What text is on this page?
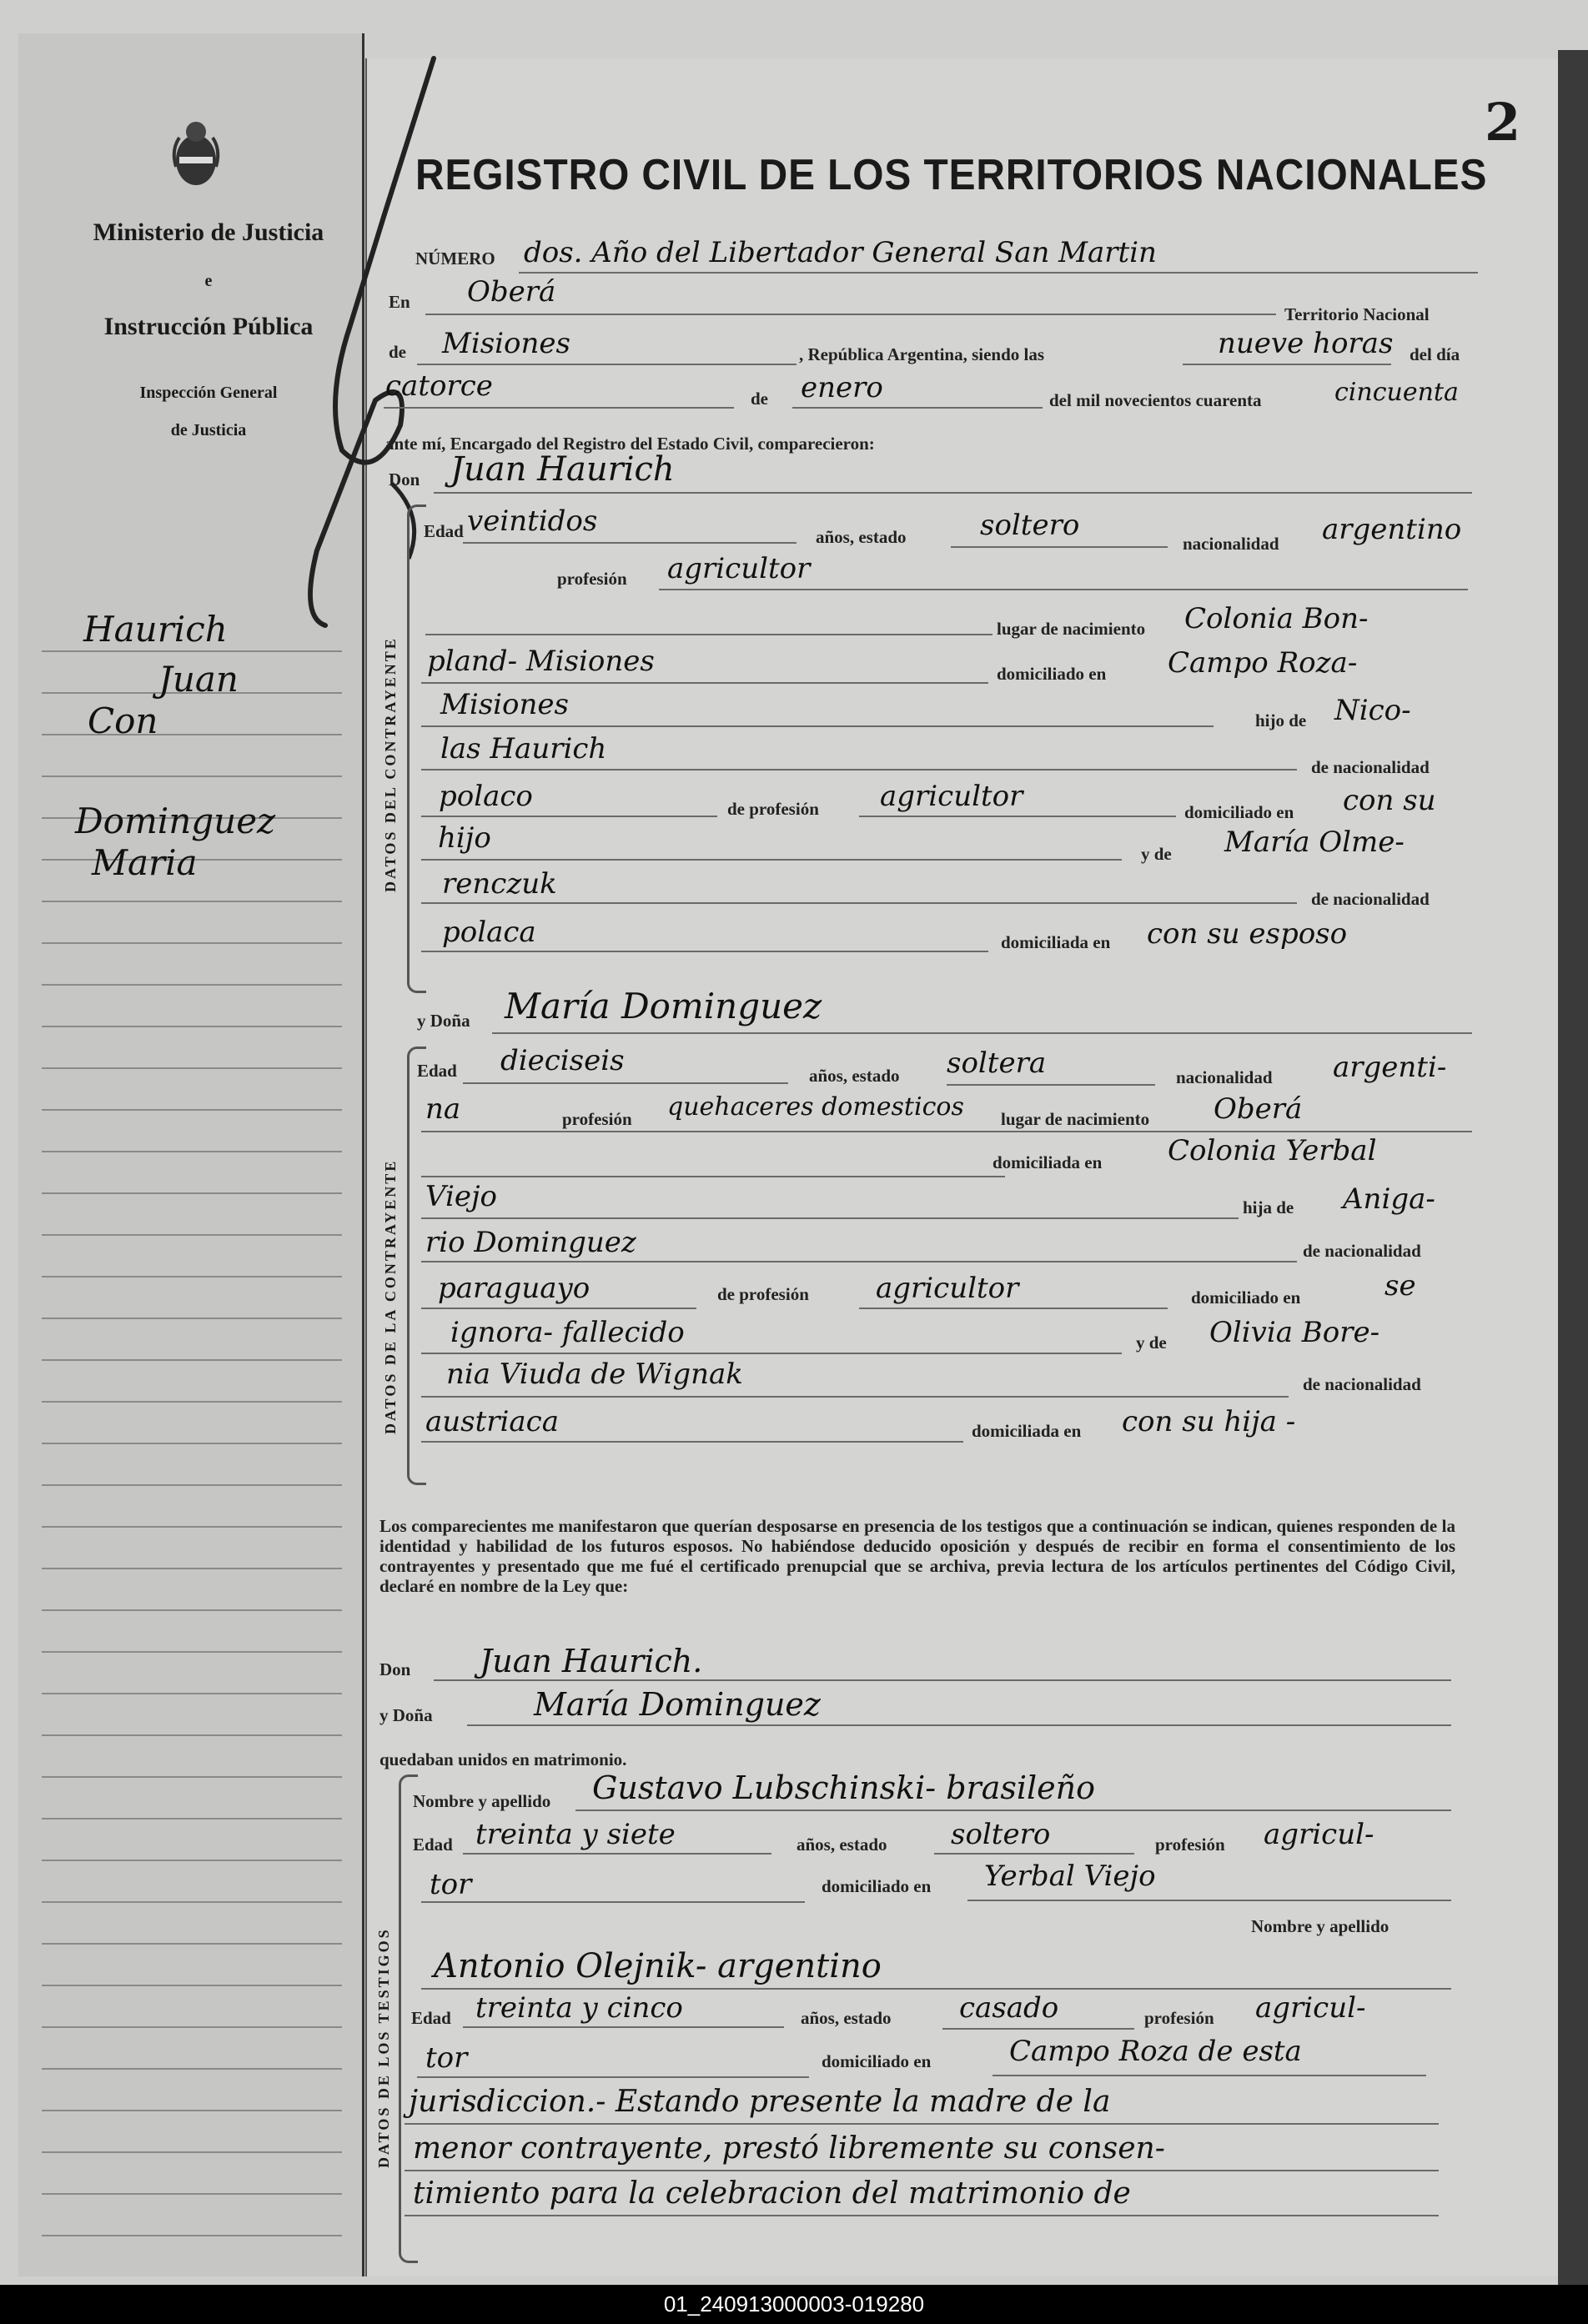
Ministerio de Justicia
e
Instrucción Pública
Inspección General
de Justicia
Haurich
Juan
Con
Dominguez
Maria
2
REGISTRO CIVIL DE LOS TERRITORIOS NACIONALES
NÚMERO dos. Año del Libertador General San Martin
En Oberá
Territorio Nacional
de Misiones	, República Argentina, siendo las	nueve horas del día
catorce	de enero	del mil novecientos cuarenta	cincuenta
ante mí, Encargado del Registro del Estado Civil, comparecieron:
Don Juan Haurich
DATOS DEL CONTRAYENTE
Edad veintidos	años, estado	soltero
nacionalidad argentino
profesión agricultor
lugar de nacimiento Colonia Bon-
pland- Misiones	domiciliado en Campo Roza-
Misiones	hijo de Nico-
las Haurich
de nacionalidad
polaco	de profesión agricultor	domiciliado en con su
hijo	y de María Olme-
renczuk	de nacionalidad
polaca	domiciliada en con su esposo
y Doña María Dominguez
DATOS DE LA CONTRAYENTE
Edad dieciseis	años, estado soltera	nacionalidad argenti-
na	profesión quehaceres domesticos lugar de nacimiento Oberá
domiciliada en Colonia Yerbal
Viejo	hija de Aniga-
rio Dominguez	de nacionalidad
paraguayo	de profesión agricultor	domiciliado en	se
ignora- fallecido	y de Olivia Bore-
nia Viuda de Wignak	de nacionalidad
austriaca	domiciliada en con su hija -
Los comparecientes me manifestaron que querían desposarse en presencia de los testigos que a continuación se indican, quienes responden de la identidad y habilidad de los futuros esposos. No habiéndose deducido oposición y después de recibir en forma el consentimiento de los contrayentes y presentado que me fué el certificado prenupcial que se archiva, previa lectura de los artículos pertinentes del Código Civil, declaré en nombre de la Ley que:
Don Juan Haurich.
y Doña	María Dominguez
quedaban unidos en matrimonio.
DATOS DE LOS TESTIGOS
Nombre y apellido Gustavo Lubschinski- brasileño
Edad treinta y siete	años, estado soltero	profesión agricul-
tor	domiciliado en Yerbal Viejo
Nombre y apellido
Antonio Olejnik- argentino
Edad treinta y cinco	años, estado casado	profesión agricul-
tor	domiciliado en	Campo Roza de esta
jurisdiccion.- Estando presente la madre de la
menor contrayente, prestó libremente su consen-
timiento para la celebracion del matrimonio de
01_240913000003-019280
